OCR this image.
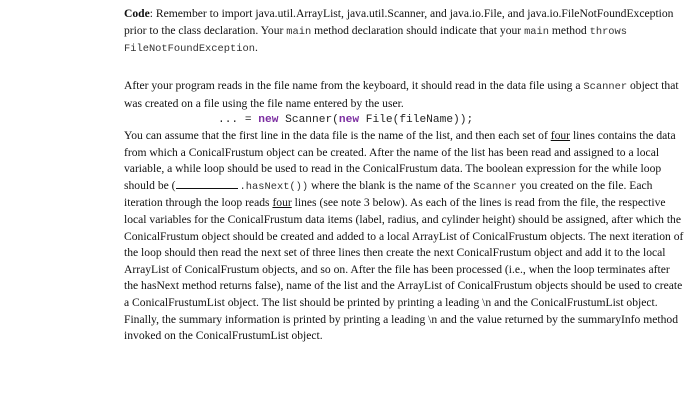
Code: Remember to import java.util.ArrayList, java.util.Scanner, and java.io.File, and java.io.FileNotFoundException prior to the class declaration. Your main method declaration should indicate that your main method throws FileNotFoundException.

After your program reads in the file name from the keyboard, it should read in the data file using a Scanner object that was created on a file using the file name entered by the user.

... = new Scanner(new File(fileName));

You can assume that the first line in the data file is the name of the list, and then each set of four lines contains the data from which a ConicalFrustum object can be created. After the name of the list has been read and assigned to a local variable, a while loop should be used to read in the ConicalFrustum data. The boolean expression for the while loop should be (	.hasNext()) where the blank is the name of the Scanner you created on the file. Each iteration through the loop reads four lines (see note 3 below). As each of the lines is read from the file, the respective local variables for the ConicalFrustum data items (label, radius, and cylinder height) should be assigned, after which the ConicalFrustum object should be created and added to a local ArrayList of ConicalFrustum objects. The next iteration of the loop should then read the next set of three lines then create the next ConicalFrustum object and add it to the local ArrayList of ConicalFrustum objects, and so on. After the file has been processed (i.e., when the loop terminates after the hasNext method returns false), name of the list and the ArrayList of ConicalFrustum objects should be used to create a ConicalFrustumList object. The list should be printed by printing a leading \n and the ConicalFrustumList object. Finally, the summary information is printed by printing a leading \n and the value returned by the summaryInfo method invoked on the ConicalFrustumList object.
